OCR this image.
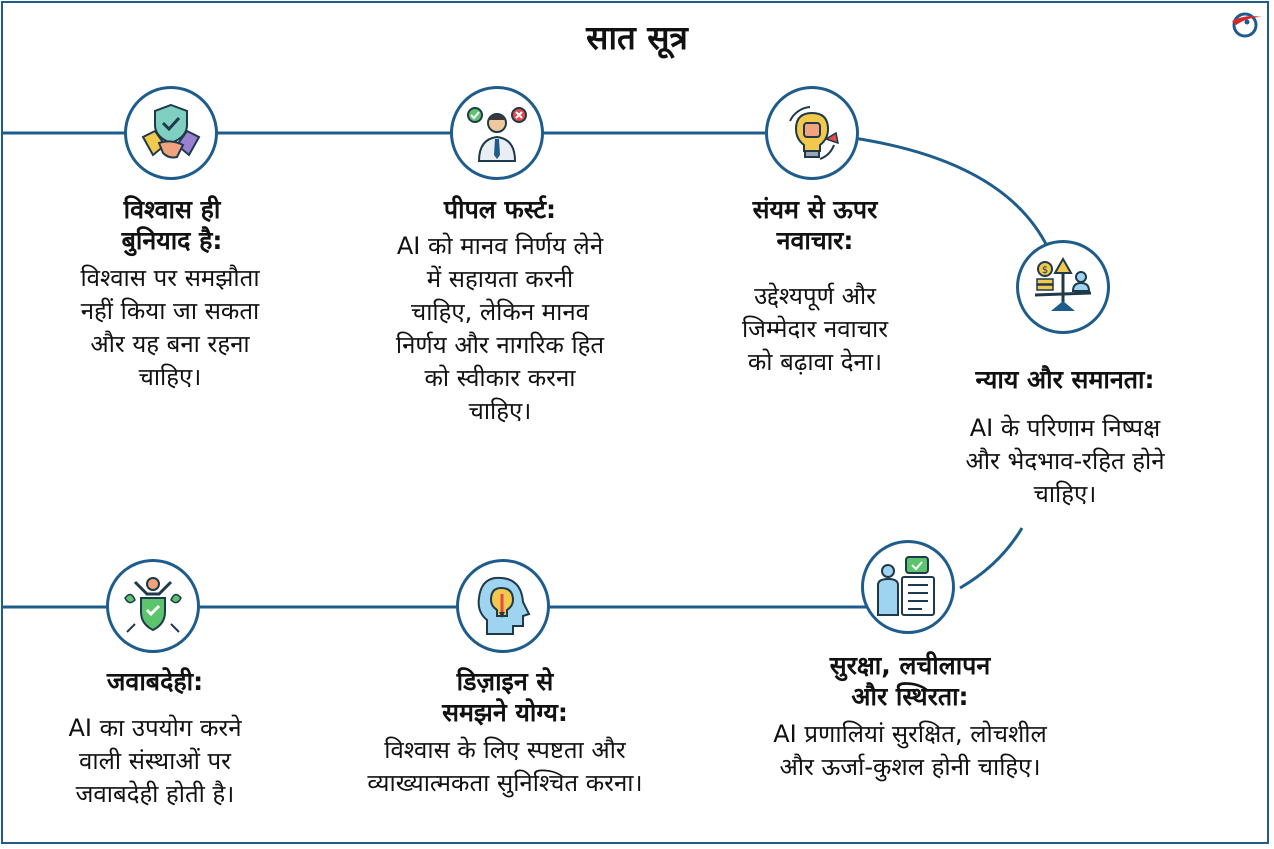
सात सूत्र
विश्वास ही
बुनियाद है:
विश्वास पर समझौता
नहीं किया जा सकता
और यह बना रहना
चाहिए।
पीपल फर्स्ट:
AI को मानव निर्णय लेने
में सहायता करनी
चाहिए, लेकिन मानव
निर्णय और नागरिक हित
को स्वीकार करना
चाहिए।
संयम से ऊपर
नवाचार:
उद्देश्यपूर्ण और
जिम्मेदार नवाचार
को बढ़ावा देना।
$
न्याय और समानता:
AI के परिणाम निष्पक्ष
और भेदभाव-रहित होने
चाहिए।
जवाबदेही:
AI का उपयोग करने
वाली संस्थाओं पर
जवाबदेही होती है।
डिज़ाइन से
समझने योग्य:
विश्वास के लिए स्पष्टता और
व्याख्यात्मकता सुनिश्चित करना।
सुरक्षा, लचीलापन
और स्थिरता:
AI प्रणालियां सुरक्षित, लोचशील
और ऊर्जा-कुशल होनी चाहिए।
